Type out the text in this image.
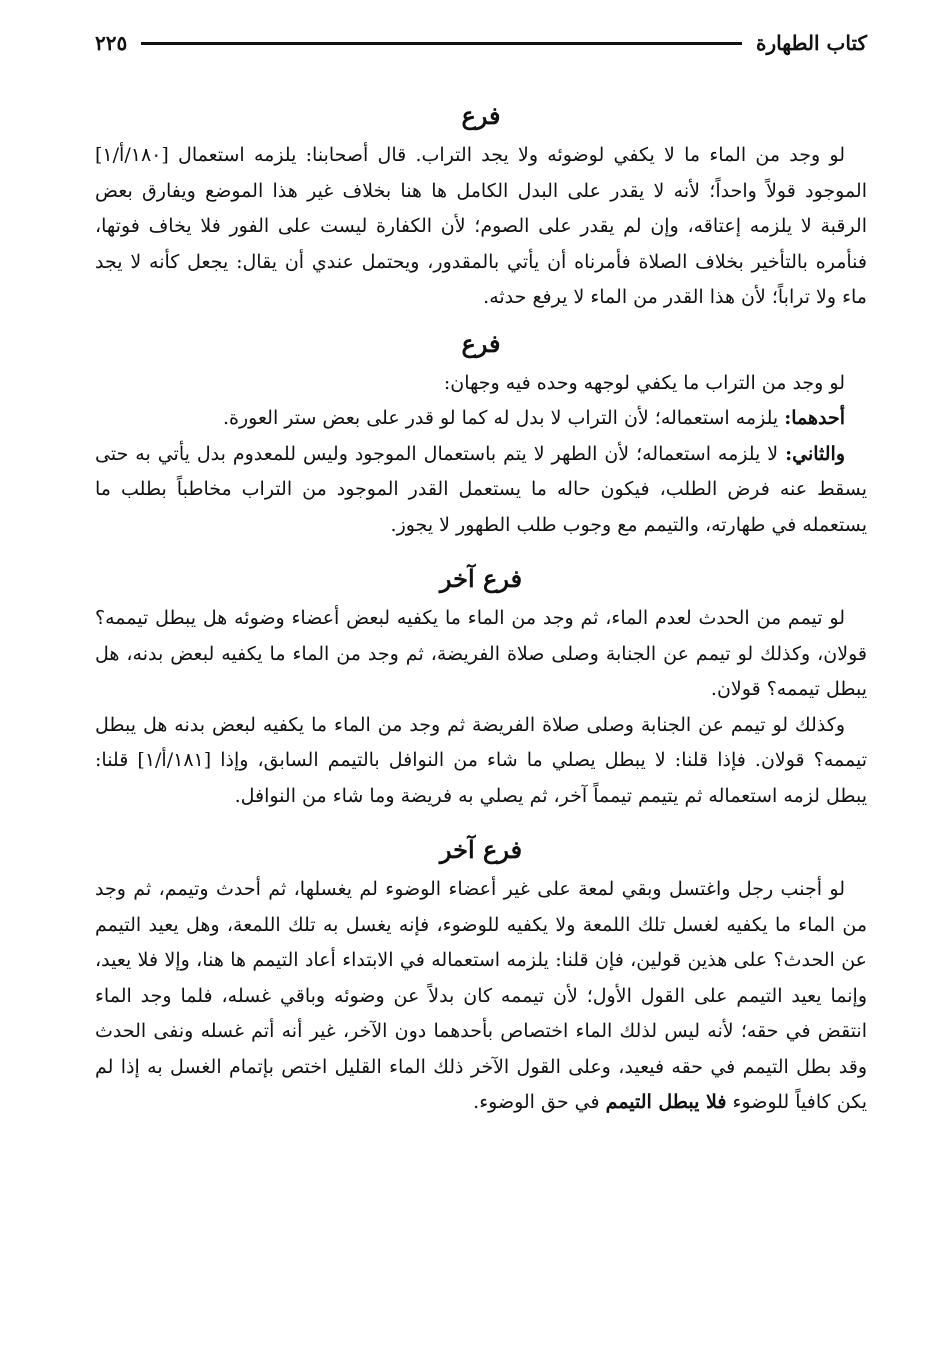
كتاب الطهارة
٢٢٥
فرع

لو وجد من الماء ما لا يكفي لوضوئه ولا يجد التراب. قال أصحابنا: يلزمه استعمال [١٨٠/أ/١] الموجود قولاً واحداً؛ لأنه لا يقدر على البدل الكامل ها هنا بخلاف غير هذا الموضع ويفارق بعض الرقبة لا يلزمه إعتاقه، وإن لم يقدر على الصوم؛ لأن الكفارة ليست على الفور فلا يخاف فوتها، فنأمره بالتأخير بخلاف الصلاة فأمرناه أن يأتي بالمقدور، ويحتمل عندي أن يقال: يجعل كأنه لا يجد ماء ولا تراباً؛ لأن هذا القدر من الماء لا يرفع حدثه.

فرع

لو وجد من التراب ما يكفي لوجهه وحده فيه وجهان:

أحدهما: يلزمه استعماله؛ لأن التراب لا بدل له كما لو قدر على بعض ستر العورة.

والثاني: لا يلزمه استعماله؛ لأن الطهر لا يتم باستعمال الموجود وليس للمعدوم بدل يأتي به حتى يسقط عنه فرض الطلب، فيكون حاله ما يستعمل القدر الموجود من التراب مخاطباً بطلب ما يستعمله في طهارته، والتيمم مع وجوب طلب الطهور لا يجوز.

فرع آخر

لو تيمم من الحدث لعدم الماء، ثم وجد من الماء ما يكفيه لبعض أعضاء وضوئه هل يبطل تيممه؟ قولان، وكذلك لو تيمم عن الجنابة وصلى صلاة الفريضة، ثم وجد من الماء ما يكفيه لبعض بدنه، هل يبطل تيممه؟ قولان.

وكذلك لو تيمم عن الجنابة وصلى صلاة الفريضة ثم وجد من الماء ما يكفيه لبعض بدنه هل يبطل تيممه؟ قولان. فإذا قلنا: لا يبطل يصلي ما شاء من النوافل بالتيمم السابق، وإذا [١٨١/أ/١] قلنا: يبطل لزمه استعماله ثم يتيمم تيمماً آخر، ثم يصلي به فريضة وما شاء من النوافل.

فرع آخر

لو أجنب رجل واغتسل وبقي لمعة على غير أعضاء الوضوء لم يغسلها، ثم أحدث وتيمم، ثم وجد من الماء ما يكفيه لغسل تلك اللمعة ولا يكفيه للوضوء، فإنه يغسل به تلك اللمعة، وهل يعيد التيمم عن الحدث؟ على هذين قولين، فإن قلنا: يلزمه استعماله في الابتداء أعاد التيمم ها هنا، وإلا فلا يعيد، وإنما يعيد التيمم على القول الأول؛ لأن تيممه كان بدلاً عن وضوئه وباقي غسله، فلما وجد الماء انتقض في حقه؛ لأنه ليس لذلك الماء اختصاص بأحدهما دون الآخر، غير أنه أتم غسله ونفى الحدث وقد بطل التيمم في حقه فيعيد، وعلى القول الآخر ذلك الماء القليل اختص بإتمام الغسل به إذا لم يكن كافياً للوضوء فلا يبطل التيمم في حق الوضوء.
